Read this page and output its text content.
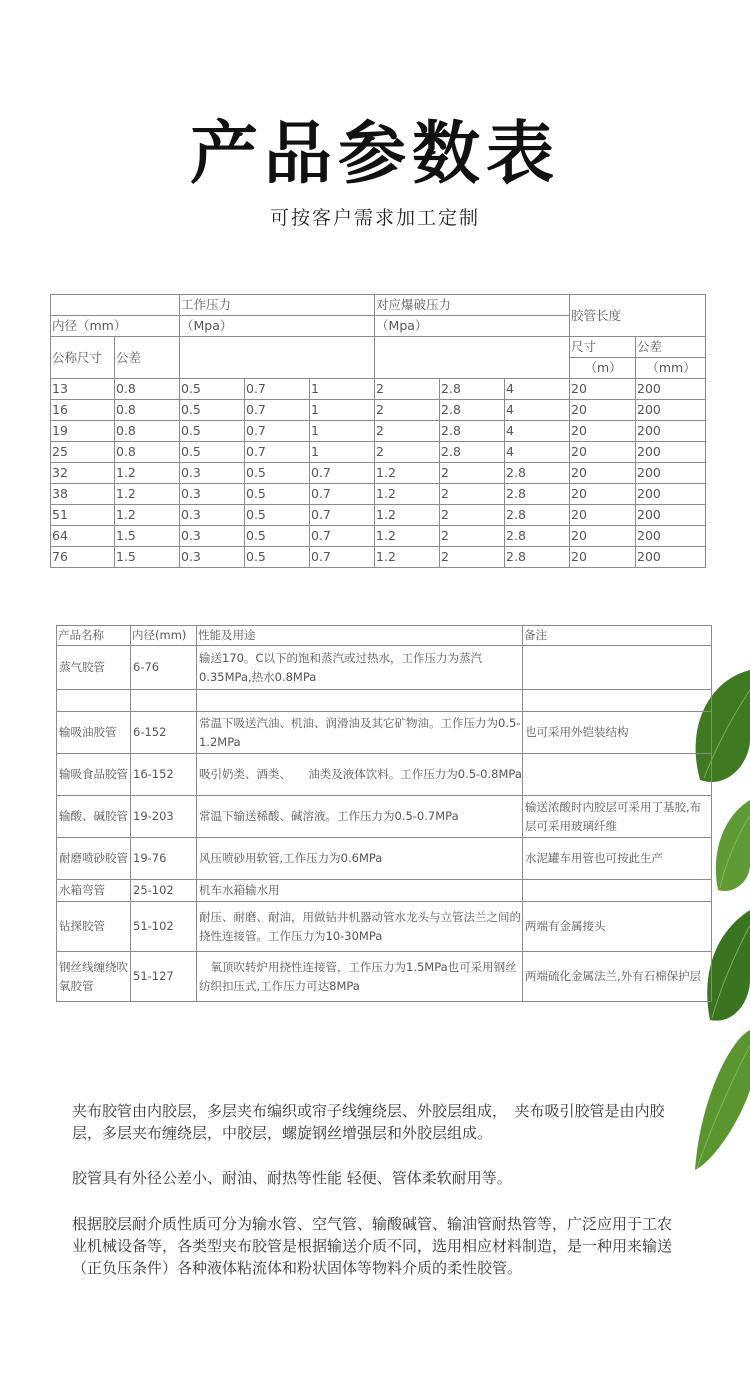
产品参数表
可按客户需求加工定制
		工作压力			对应爆破压力			胶管长度	
内径（mm）		（Mpa）			（Mpa）				
公称尺寸	公差							尺寸	公差
								（m）	（mm）
13	0.8	0.5	0.7	1	2	2.8	4	20	200
16	0.8	0.5	0.7	1	2	2.8	4	20	200
19	0.8	0.5	0.7	1	2	2.8	4	20	200
25	0.8	0.5	0.7	1	2	2.8	4	20	200
32	1.2	0.3	0.5	0.7	1.2	2	2.8	20	200
38	1.2	0.3	0.5	0.7	1.2	2	2.8	20	200
51	1.2	0.3	0.5	0.7	1.2	2	2.8	20	200
64	1.5	0.3	0.5	0.7	1.2	2	2.8	20	200
76	1.5	0.3	0.5	0.7	1.2	2	2.8	20	200
产品名称	内径(mm)	性能及用途	备注
蒸气胶管	6-76	输送170。C以下的饱和蒸汽或过热水，工作压力为蒸汽0.35MPa,热水0.8MPa	

输吸油胶管	6-152	常温下吸送汽油、机油、润滑油及其它矿物油。工作压力为0.5-1.2MPa	也可采用外铠装结构
输吸食品胶管	16-152	吸引奶类、酒类、　　油类及液体饮料。工作压力为0.5-0.8MPa	
输酸、碱胶管	19-203	常温下输送稀酸、碱溶液。工作压力为0.5-0.7MPa	输送浓酸时内胶层可采用丁基胶,布层可采用玻璃纤维
耐磨喷砂胶管	19-76	风压喷砂用软管,工作压力为0.6MPa	水泥罐车用管也可按此生产
水箱弯管	25-102	机车水箱输水用	
钻探胶管	51-102	耐压、耐磨、耐油，用做钻井机器动管水龙头与立管法兰之间的挠性连接管。工作压力为10-30MPa	两端有金属接头
钢丝线缠绕吹氧胶管	51-127	　氧顶吹转炉用挠性连接管，工作压力为1.5MPa也可采用钢丝纺织扣压式,工作压力可达8MPa	两端硫化金属法兰,外有石棉保护层
夹布胶管由内胶层，多层夹布编织或帘子线缠绕层、外胶层组成，　夹布吸引胶管是由内胶层，多层夹布缠绕层，中胶层，螺旋钢丝增强层和外胶层组成。
胶管具有外径公差小、耐油、耐热等性能 轻便、管体柔软耐用等。
根据胶层耐介质性质可分为输水管、空气管、输酸碱管、输油管耐热管等，广泛应用于工农业机械设备等，各类型夹布胶管是根据输送介质不同，选用相应材料制造，是一种用来输送（正负压条件）各种液体粘流体和粉状固体等物料介质的柔性胶管。
